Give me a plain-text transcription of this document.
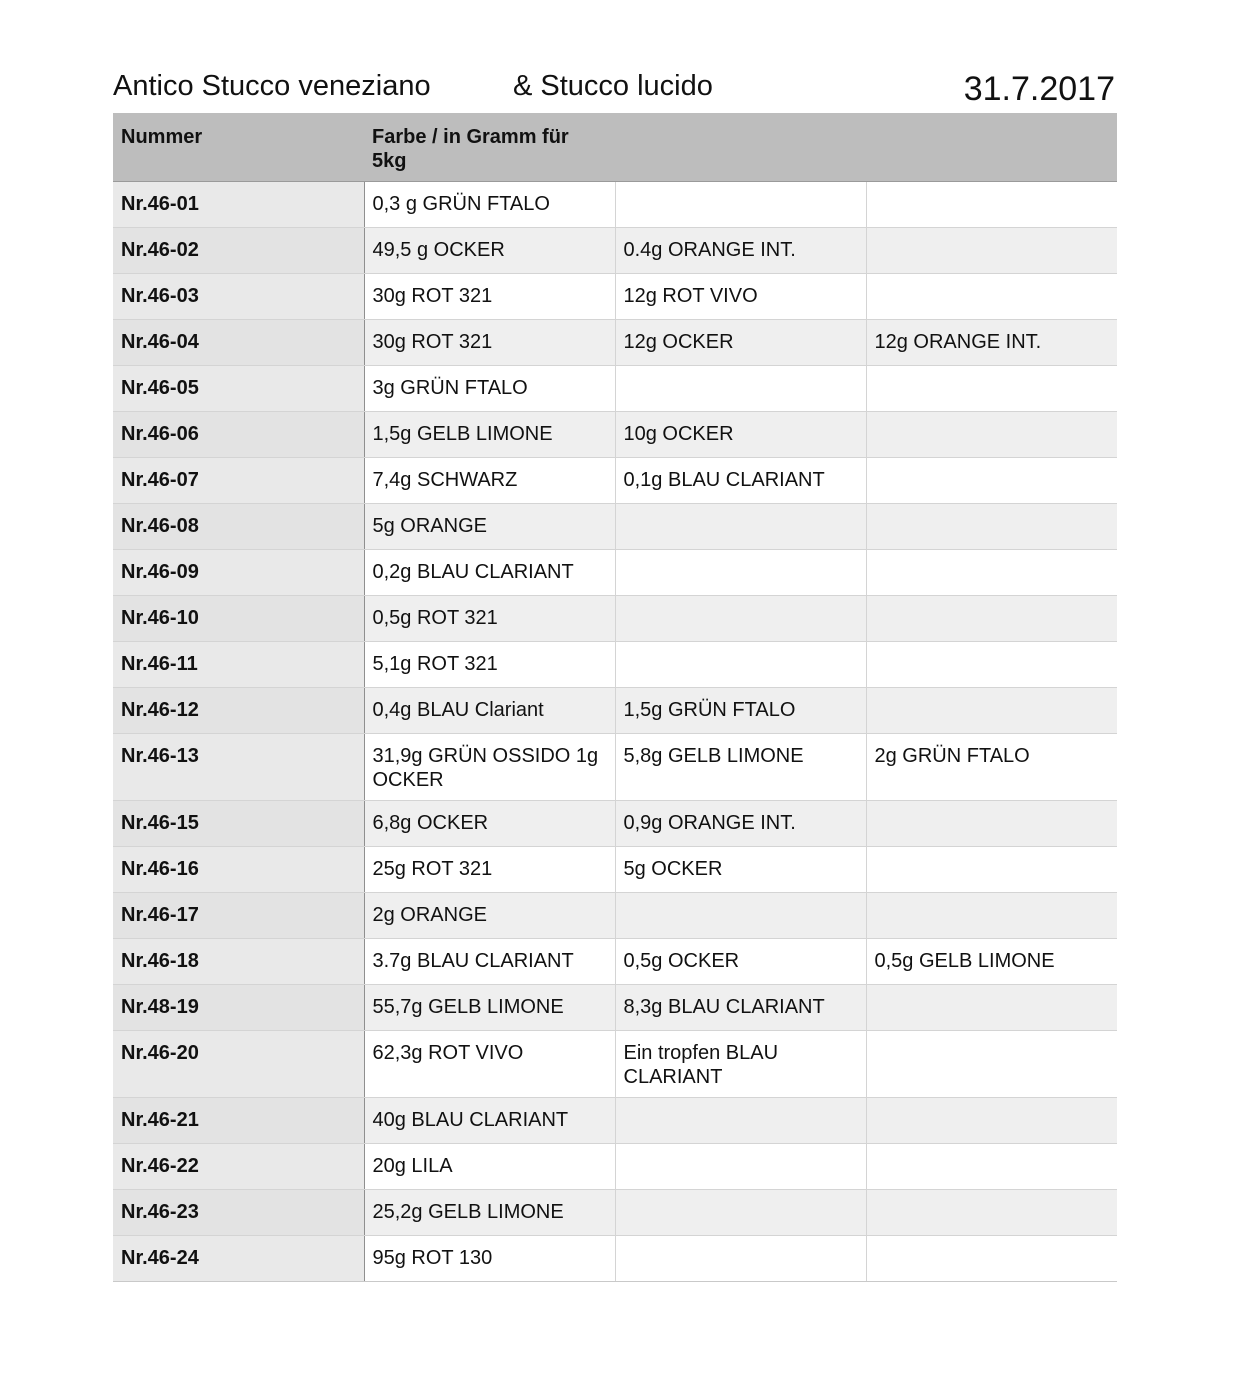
Antico Stucco veneziano	& Stucco lucido	31.7.2017
Nummer	Farbe / in Gramm für 5kg		
Nr.46-01	0,3 g GRÜN FTALO		
Nr.46-02	49,5 g OCKER	0.4g ORANGE INT.	
Nr.46-03	30g ROT 321	12g ROT VIVO	
Nr.46-04	30g ROT 321	12g OCKER	12g ORANGE INT.
Nr.46-05	3g GRÜN FTALO		
Nr.46-06	1,5g GELB LIMONE	10g OCKER	
Nr.46-07	7,4g SCHWARZ	0,1g BLAU CLARIANT	
Nr.46-08	5g ORANGE		
Nr.46-09	0,2g BLAU CLARIANT		
Nr.46-10	0,5g ROT 321		
Nr.46-11	5,1g ROT 321		
Nr.46-12	0,4g BLAU Clariant	1,5g GRÜN FTALO	
Nr.46-13	31,9g GRÜN OSSIDO 1g OCKER	5,8g GELB LIMONE	2g GRÜN FTALO
Nr.46-15	6,8g OCKER	0,9g ORANGE INT.	
Nr.46-16	25g ROT 321	5g OCKER	
Nr.46-17	2g ORANGE		
Nr.46-18	3.7g BLAU CLARIANT	0,5g OCKER	0,5g GELB LIMONE
Nr.48-19	55,7g GELB LIMONE	8,3g BLAU CLARIANT	
Nr.46-20	62,3g ROT VIVO	Ein tropfen BLAU CLARIANT	
Nr.46-21	40g BLAU CLARIANT		
Nr.46-22	20g LILA		
Nr.46-23	25,2g GELB LIMONE		
Nr.46-24	95g ROT 130		
